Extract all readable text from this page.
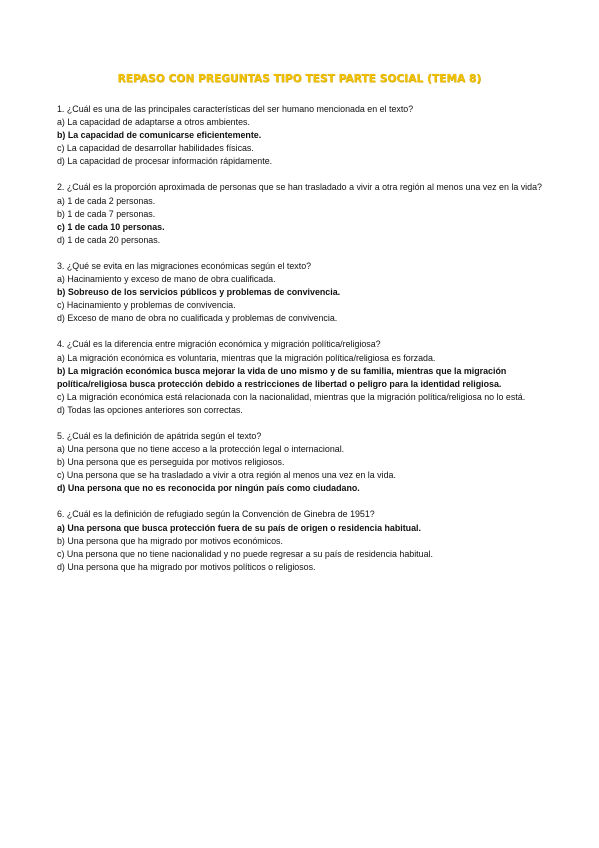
REPASO CON PREGUNTAS TIPO TEST PARTE SOCIAL (TEMA 8)
1. ¿Cuál es una de las principales características del ser humano mencionada en el texto?
a) La capacidad de adaptarse a otros ambientes.
b) La capacidad de comunicarse eficientemente.
c) La capacidad de desarrollar habilidades físicas.
d) La capacidad de procesar información rápidamente.
2. ¿Cuál es la proporción aproximada de personas que se han trasladado a vivir a otra región al menos una vez en la vida?
a) 1 de cada 2 personas.
b) 1 de cada 7 personas.
c) 1 de cada 10 personas.
d) 1 de cada 20 personas.
3. ¿Qué se evita en las migraciones económicas según el texto?
a) Hacinamiento y exceso de mano de obra cualificada.
b) Sobreuso de los servicios públicos y problemas de convivencia.
c) Hacinamiento y problemas de convivencia.
d) Exceso de mano de obra no cualificada y problemas de convivencia.
4. ¿Cuál es la diferencia entre migración económica y migración política/religiosa?
a) La migración económica es voluntaria, mientras que la migración política/religiosa es forzada.
b) La migración económica busca mejorar la vida de uno mismo y de su familia, mientras que la migración política/religiosa busca protección debido a restricciones de libertad o peligro para la identidad religiosa.
c) La migración económica está relacionada con la nacionalidad, mientras que la migración política/religiosa no lo está.
d) Todas las opciones anteriores son correctas.
5. ¿Cuál es la definición de apátrida según el texto?
a) Una persona que no tiene acceso a la protección legal o internacional.
b) Una persona que es perseguida por motivos religiosos.
c) Una persona que se ha trasladado a vivir a otra región al menos una vez en la vida.
d) Una persona que no es reconocida por ningún país como ciudadano.
6. ¿Cuál es la definición de refugiado según la Convención de Ginebra de 1951?
a) Una persona que busca protección fuera de su país de origen o residencia habitual.
b) Una persona que ha migrado por motivos económicos.
c) Una persona que no tiene nacionalidad y no puede regresar a su país de residencia habitual.
d) Una persona que ha migrado por motivos políticos o religiosos.
